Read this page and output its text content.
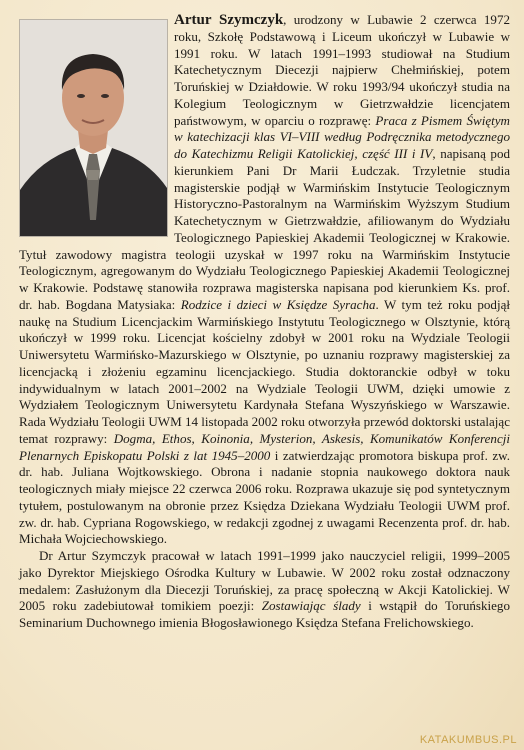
Artur Szymczyk, urodzony w Lubawie 2 czerwca 1972 roku, Szkołę Podstawową i Liceum ukończył w Lubawie w 1991 roku. W latach 1991–1993 studiował na Studium Katechetycznym Diecezji najpierw Chełmińskiej, potem Toruńskiej w Działdowie. W roku 1993/94 ukończył studia na Kolegium Teologicznym w Gietrzwałdzie licencjatem państwowym, w oparciu o rozprawę: Praca z Pismem Świętym w katechizacji klas VI–VIII według Podręcznika metodycznego do Katechizmu Religii Katolickiej, część III i IV, napisaną pod kierunkiem Pani Dr Marii Łudczak. Trzyletnie studia magisterskie podjął w Warmińskim Instytucie Teologicznym Historyczno-Pastoralnym na Warmińskim Wyższym Studium Katechetycznym w Gietrzwałdzie, afiliowanym do Wydziału Teologicznego Papieskiej Akademii Teologicznej w Krakowie. Tytuł zawodowy magistra teologii uzyskał w 1997 roku na Warmińskim Instytucie Teologicznym, agregowanym do Wydziału Teologicznego Papieskiej Akademii Teologicznej w Krakowie. Podstawę stanowiła rozprawa magisterska napisana pod kierunkiem Ks. prof. dr. hab. Bogdana Matysiaka: Rodzice i dzieci w Księdze Syracha. W tym też roku podjął naukę na Studium Licencjackim Warmińskiego Instytutu Teologicznego w Olsztynie, którą ukończył w 1999 roku. Licencjat kościelny zdobył w 2001 roku na Wydziale Teologii Uniwersytetu Warmińsko-Mazurskiego w Olsztynie, po uznaniu rozprawy magisterskiej za licencjacką i złożeniu egzaminu licencjackiego. Studia doktoranckie odbył w toku indywidualnym w latach 2001–2002 na Wydziale Teologii UWM, dzięki umowie z Wydziałem Teologicznym Uniwersytetu Kardynała Stefana Wyszyńskiego w Warszawie. Rada Wydziału Teologii UWM 14 listopada 2002 roku otworzyła przewód doktorski ustalając temat rozprawy: Dogma, Ethos, Koinonia, Mysterion, Askesis, Komunikatów Konferencji Plenarnych Episkopatu Polski z lat 1945–2000 i zatwierdzając promotora biskupa prof. zw. dr. hab. Juliana Wojtkowskiego. Obrona i nadanie stopnia naukowego doktora nauk teologicznych miały miejsce 22 czerwca 2006 roku. Rozprawa ukazuje się pod syntetycznym tytułem, postulowanym na obronie przez Księdza Dziekana Wydziału Teologii UWM prof. zw. dr. hab. Cypriana Rogowskiego, w redakcji zgodnej z uwagami Recenzenta prof. dr. hab. Michała Wojciechowskiego.

Dr Artur Szymczyk pracował w latach 1991–1999 jako nauczyciel religii, 1999–2005 jako Dyrektor Miejskiego Ośrodka Kultury w Lubawie. W 2002 roku został odznaczony medalem: Zasłużonym dla Diecezji Toruńskiej, za pracę społeczną w Akcji Katolickiej. W 2005 roku zadebiutował tomikiem poezji: Zostawiając ślady i wstąpił do Toruńskiego Seminarium Duchownego imienia Błogosławionego Księdza Stefana Frelichowskiego.

KATAKUMBUS.PL
